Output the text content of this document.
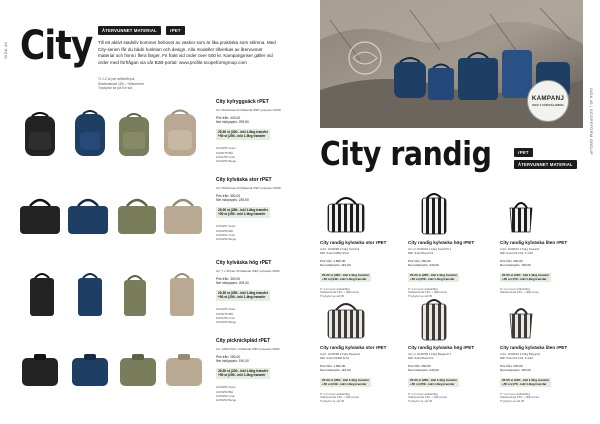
SIDA 44 City	ÅTERVUNNET MATERIAL	rPET
Till ett aktivt stadsliv kommer behovet av väskor som är lika praktiska som stilrena. Med City-serien får du både funktion och design. Alla modeller tillverkas av återvunnet material och finns i flera färger. Fri frakt vid order över 500 kr. Kampanjpriser gäller vid order med förfrågan via vår B2B-portal: www.profile.scopeformgroup.com
Tr 1-2 st per artikel/tryck
Startkostnad 150:- / tillkommer
Tryckytor se på 5:e sid
City kylryggsäck rPET
Art: 06Grårosa 3/4 Material rPET polyester 600D
Pris från: 440,00
Net inköpspris: 299,50
25-50 st (300:- inkl 1-färg transfer
+50 st (250:- inkl 1-färg transfer
10/00/06 Svart
10/06/75 Blå
10/01/05 Grön
10/00/06 Beige
City kylväska stor rPET
Art: 06Grårosa 3/4 Material rPET polyester 600D
Pris från: 350,00
Net inköpspris: 239,50
25-50 st (280:- inkl 1-färg transfer
+50 st (250:- inkl 1-färg transfer
10/00/97 Svart
10/00/95 Blå
10/00/91 Grön
10/00/96 Beige
City kylväska hög rPET
Art: 7 x 45 liter 33 Material rPET polyester 600D
Pris från: 300,00
Net inköpspris: 205,00
20-50 st (250:- inkl 1-färg transfer
+50 st (200:- inkl 1-färg transfer
10/00/06 Svart
10/06/75 Blå
10/01/05 Grön
10/00/06 Beige
City picknickpläd rPET
Art: 130x170cm 3 Material rPET polyester 600D
Pris från: 280,00
Net inköpspris: 190,00
25-50 st (220:- inkl 1-färg transfer
+50 st (200:- inkl 1-färg transfer
10/00/00 Svart
10/00/90 Blå
10/00/92 Grön
10/00/93 Beige
KAMPANJ
MAX 1 FÖRSÄLJNING	SIDA 45 | SCOPEFORM GROUP
City randig	rPET
ÅTERVUNNET MATERIAL
City randig kylväska stor rPET
A Art: 10/00/99 2 Färg Svart/vit
Mål: Svart/vit/Bel 6/1/2
Pris från: 1.800,00
Net inköpspris: 119,00
25-50 st (360:- inkl 1-färg transfer
+50 st (340:- inkl 1-färg transfer
Tr 1-2 st per artikel/färg
Startkostnad 150:- / tillkommer
Tryckytor se sid 45
City randig kylväska hög rPET
Art: nr 10/00/04 1 Färg Svart/Vit 1
Mål: Svart/Rosa 6/1
Pris från: 260,00
Net inköpspris: 240,00
25-50 st (280:- inkl 1-färg transfer
+50 st (250:- inkl 1-färg transfer
Tr 1-2 st per artikel/färg
Startkostnad 150:- / tillkommer
Tryckytor se sid 45
City randig kylväska liten rPET
A Art: 10/00/01 2 Färg Svart/vit
Mål: Svart/Vit 11/4, 6.1/16
Pris från: 200,00
Net inköpspris: 180,00
25-50 st (190:- inkl 1-färg transfer
+50 st (170:- inkl 1-färg transfer
Tr 1-2 st per artikel/färg
Startkostnad 150:- / tillkommer
City randig kylväska stor rPET
A Art: 10/00/98 2 Färg Beige/vit
Mål: Svart/Vit/Bel 6/1/2
Pris från: 1.800,00
Net inköpspris: 119,00
25-50 st (360:- inkl 1-färg transfer
+50 st (340:- inkl 1-färg transfer
Tr 1-2 st per artikel/färg
Startkostnad 150:- / tillkommer
Tryckytor se sid 45
City randig kylväska hög rPET
Art: nr 10/00/05 1 Färg Beige/vit 1
Mål: Svart/Rosa 6/1
Pris från: 260,00
Net inköpspris: 240,00
25-50 st (280:- inkl 1-färg transfer
+50 st (250:- inkl 1-färg transfer
Tr 1-2 st per artikel/färg
Startkostnad 150:- / tillkommer
Tryckytor se sid 45
City randig kylväska liten rPET
A Art: 10/00/02 2 Färg Beige/vit
Mål: Svart/Vit 11/4, 6.1/16
Pris från: 200,00
Net inköpspris: 180,00
25-50 st (190:- inkl 1-färg transfer
+50 st (170:- inkl 1-färg transfer
Tr 1-2 st per artikel/färg
Startkostnad 150:- / tillkommer
Tryckytor se sid 45
